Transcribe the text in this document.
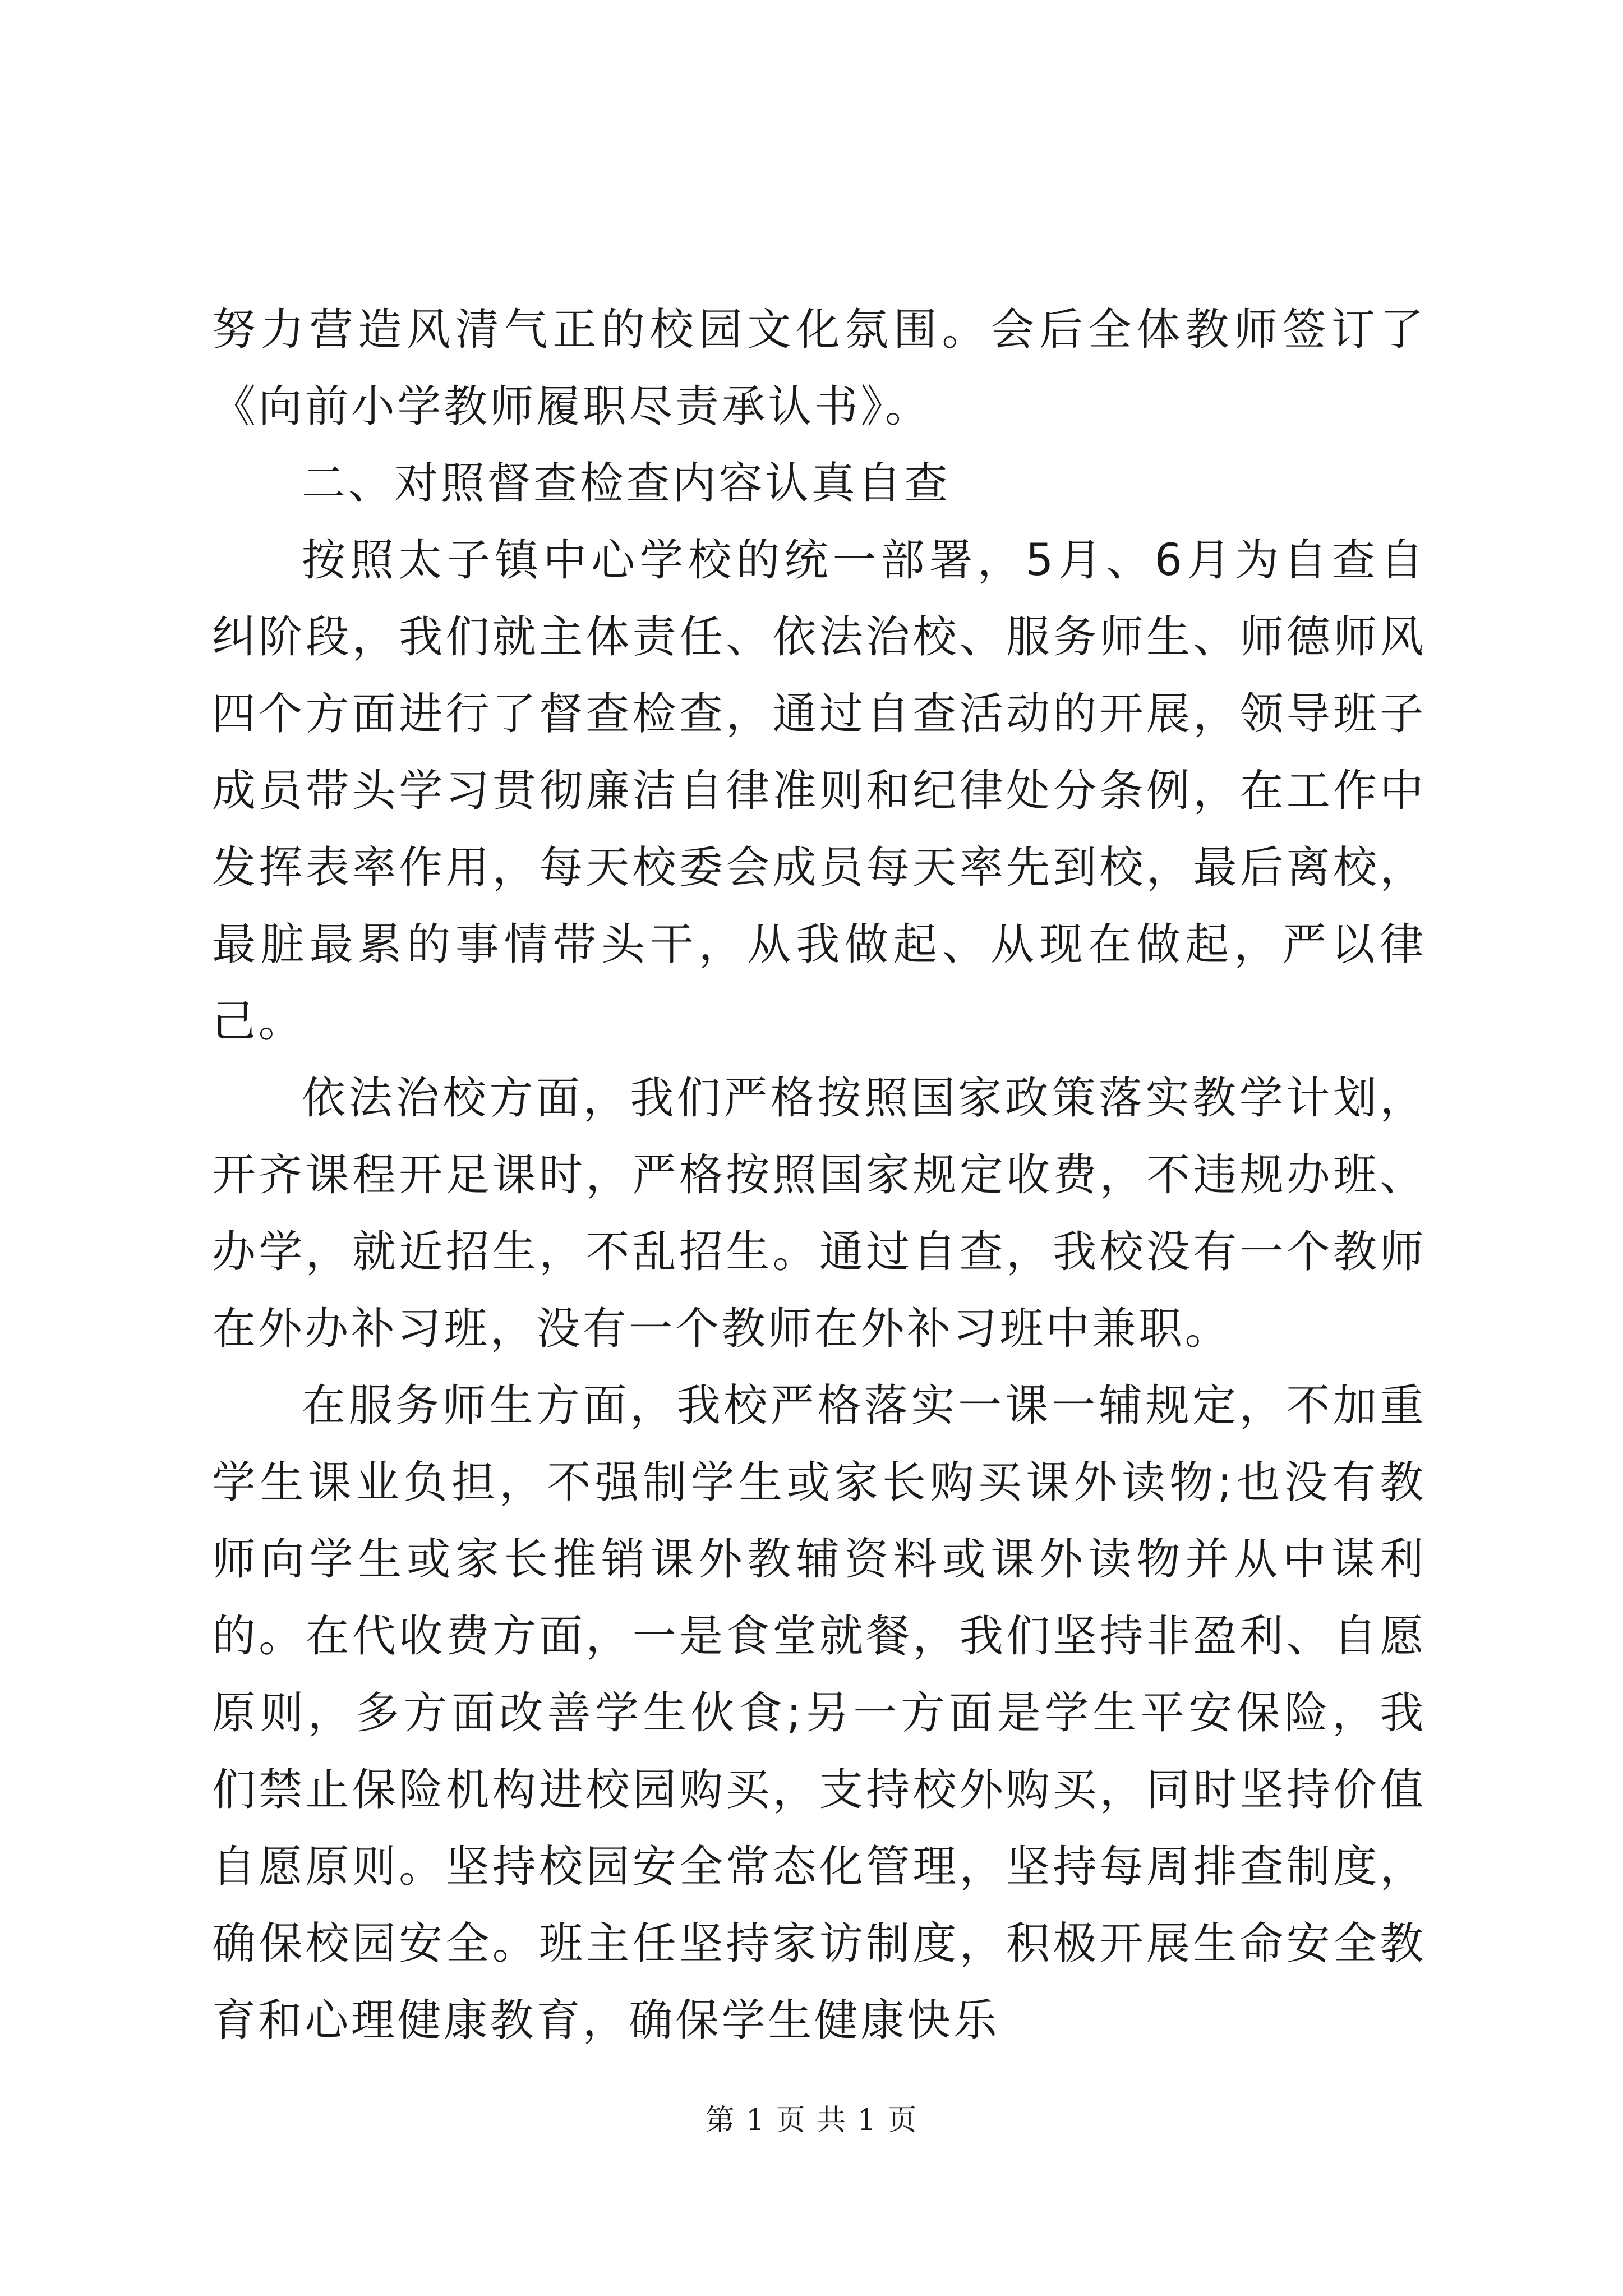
努力营造风清气正的校园文化氛围。会后全体教师签订了《向前小学教师履职尽责承认书》。

二、对照督查检查内容认真自查

按照太子镇中心学校的统一部署，5月、6月为自查自纠阶段，我们就主体责任、依法治校、服务师生、师德师风四个方面进行了督查检查，通过自查活动的开展，领导班子成员带头学习贯彻廉洁自律准则和纪律处分条例，在工作中发挥表率作用，每天校委会成员每天率先到校，最后离校，最脏最累的事情带头干，从我做起、从现在做起，严以律己。

依法治校方面，我们严格按照国家政策落实教学计划，开齐课程开足课时，严格按照国家规定收费，不违规办班、办学，就近招生，不乱招生。通过自查，我校没有一个教师在外办补习班，没有一个教师在外补习班中兼职。

在服务师生方面，我校严格落实一课一辅规定，不加重学生课业负担，不强制学生或家长购买课外读物;也没有教师向学生或家长推销课外教辅资料或课外读物并从中谋利的。在代收费方面，一是食堂就餐，我们坚持非盈利、自愿原则，多方面改善学生伙食;另一方面是学生平安保险，我们禁止保险机构进校园购买，支持校外购买，同时坚持价值自愿原则。坚持校园安全常态化管理，坚持每周排查制度，确保校园安全。班主任坚持家访制度，积极开展生命安全教育和心理健康教育，确保学生健康快乐

第 1 页 共 1 页
